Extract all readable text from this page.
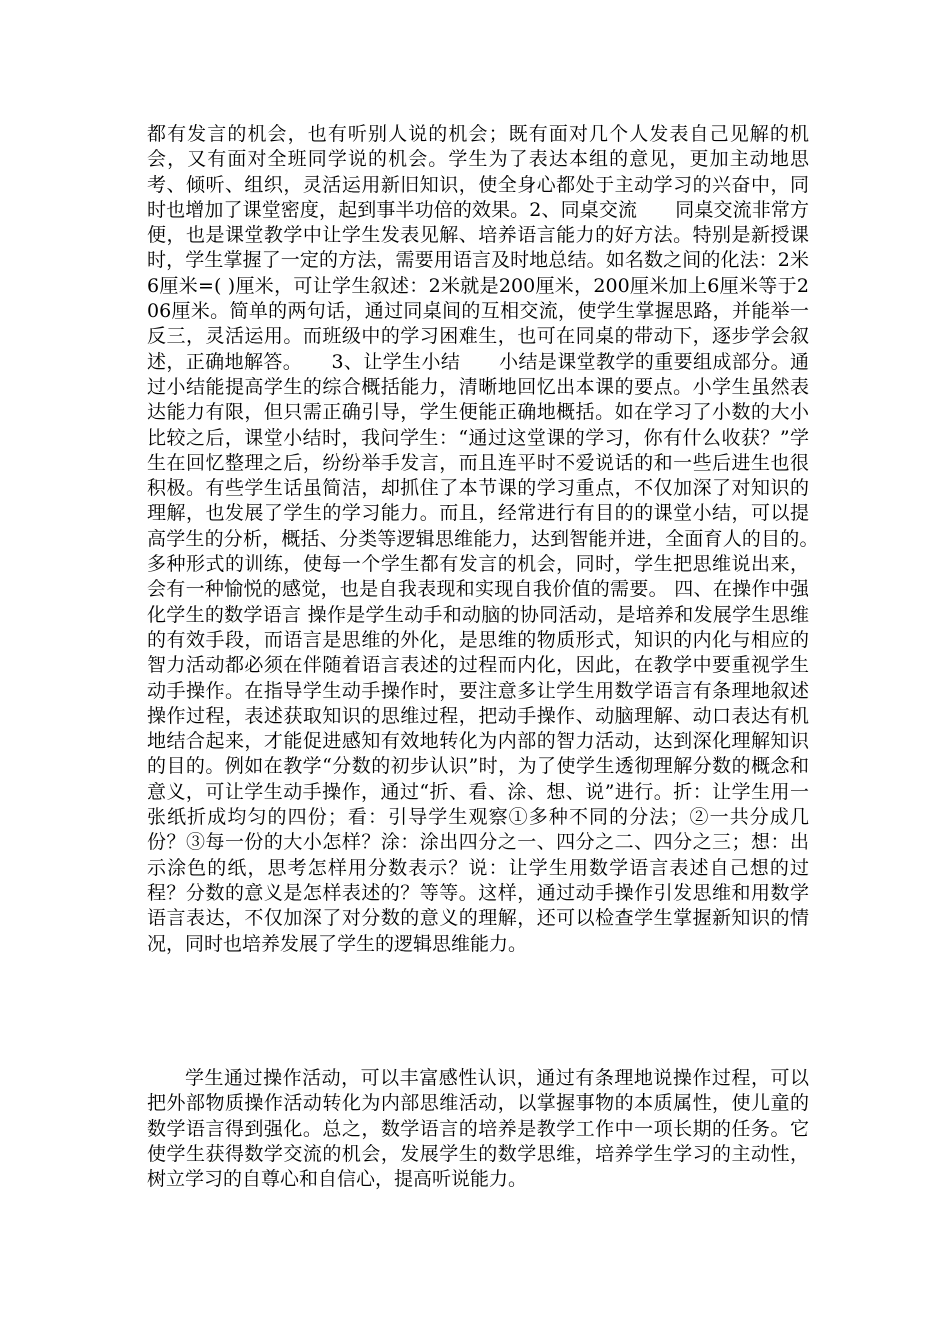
都有发言的机会，也有听别人说的机会；既有面对几个人发表自己见解的机会，又有面对全班同学说的机会。学生为了表达本组的意见，更加主动地思考、倾听、组织，灵活运用新旧知识，使全身心都处于主动学习的兴奋中，同时也增加了课堂密度，起到事半功倍的效果。2、同桌交流　　同桌交流非常方便，也是课堂教学中让学生发表见解、培养语言能力的好方法。特别是新授课时，学生掌握了一定的方法，需要用语言及时地总结。如名数之间的化法：2米6厘米=( )厘米，可让学生叙述：2米就是200厘米，200厘米加上6厘米等于206厘米。简单的两句话，通过同桌间的互相交流，使学生掌握思路，并能举一反三，灵活运用。而班级中的学习困难生，也可在同桌的带动下，逐步学会叙述，正确地解答。　　3、让学生小结　　小结是课堂教学的重要组成部分。通过小结能提高学生的综合概括能力，清晰地回忆出本课的要点。小学生虽然表达能力有限，但只需正确引导，学生便能正确地概括。如在学习了小数的大小比较之后，课堂小结时，我问学生：“通过这堂课的学习，你有什么收获？”学生在回忆整理之后，纷纷举手发言，而且连平时不爱说话的和一些后进生也很积极。有些学生话虽简洁，却抓住了本节课的学习重点，不仅加深了对知识的理解，也发展了学生的学习能力。而且，经常进行有目的的课堂小结，可以提高学生的分析，概括、分类等逻辑思维能力，达到智能并进，全面育人的目的。　　多种形式的训练，使每一个学生都有发言的机会，同时，学生把思维说出来，会有一种愉悦的感觉，也是自我表现和实现自我价值的需要。 四、在操作中强化学生的数学语言 操作是学生动手和动脑的协同活动，是培养和发展学生思维的有效手段，而语言是思维的外化，是思维的物质形式，知识的内化与相应的智力活动都必须在伴随着语言表述的过程而内化，因此，在教学中要重视学生动手操作。在指导学生动手操作时，要注意多让学生用数学语言有条理地叙述操作过程，表述获取知识的思维过程，把动手操作、动脑理解、动口表达有机地结合起来，才能促进感知有效地转化为内部的智力活动，达到深化理解知识的目的。例如在教学“分数的初步认识”时，为了使学生透彻理解分数的概念和意义，可让学生动手操作，通过“折、看、涂、想、说”进行。折：让学生用一张纸折成均匀的四份；看：引导学生观察①多种不同的分法；②一共分成几份？③每一份的大小怎样？涂：涂出四分之一、四分之二、四分之三；想：出示涂色的纸，思考怎样用分数表示？说：让学生用数学语言表述自己想的过程？分数的意义是怎样表述的？等等。这样，通过动手操作引发思维和用数学语言表达，不仅加深了对分数的意义的理解，还可以检查学生掌握新知识的情况，同时也培养发展了学生的逻辑思维能力。

学生通过操作活动，可以丰富感性认识，通过有条理地说操作过程，可以把外部物质操作活动转化为内部思维活动，以掌握事物的本质属性，使儿童的数学语言得到强化。总之，数学语言的培养是教学工作中一项长期的任务。它使学生获得数学交流的机会，发展学生的数学思维，培养学生学习的主动性，树立学习的自尊心和自信心，提高听说能力。
